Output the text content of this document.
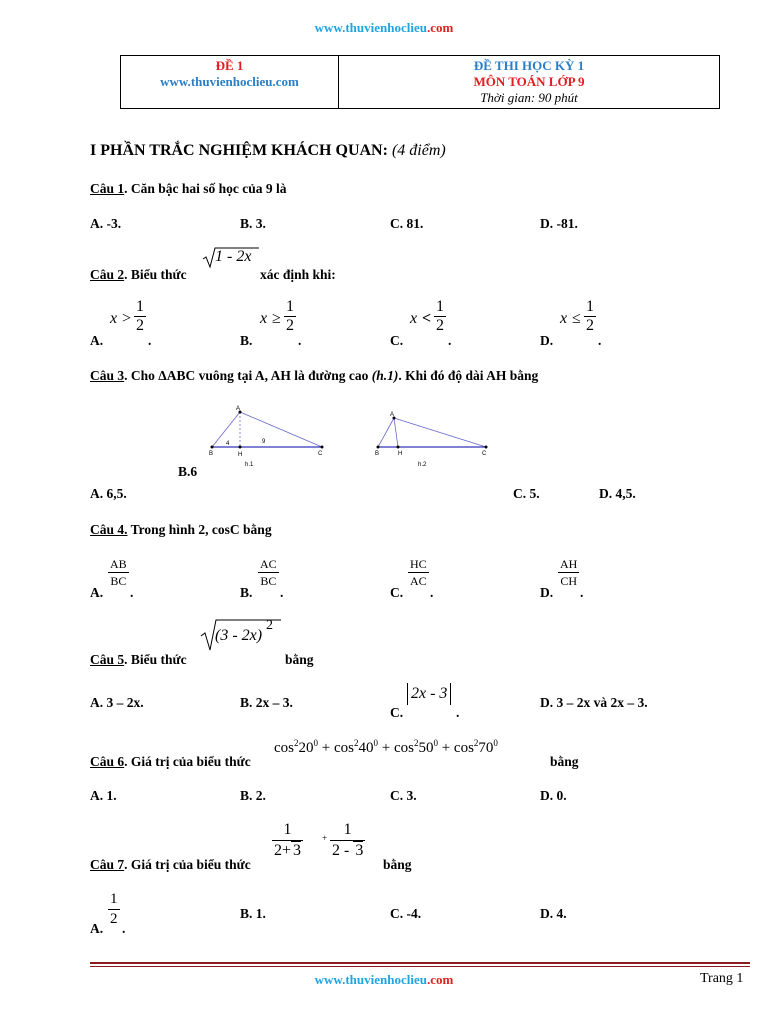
www.thuvienhoclieu.com
ĐỀ 1
www.thuvienhoclieu.com
ĐỀ THI HỌC KỲ 1
MÔN TOÁN LỚP 9
Thời gian: 90 phút
I PHẦN TRẮC NGHIỆM KHÁCH QUAN: (4 điểm)
Câu 1. Căn bậc hai số học của 9 là
A. -3.	B. 3.	C. 81.	D. -81.
Câu 2. Biểu thức
1 - 2x
xác định khi:
A.
$x > \frac{1}{2}$
.	B.
$x \ge \frac{1}{2}$
.	C.
$x < \frac{1}{2}$
.	D.
$x \le \frac{1}{2}$
.
Câu 3. Cho ΔABC vuông tại A, AH là đường cao (h.1). Khi đó độ dài AH bằng
A
B	H	C
4	9
h.1
A
B	H	C
h.2
B.6
A. 6,5.	C. 5.	D. 4,5.
Câu 4. Trong hình 2, cosC bằng
A.
$\frac{AB}{BC}$
.	B.
$\frac{AC}{BC}$
.	C.
$\frac{HC}{AC}$
.	D.
$\frac{AH}{CH}$
.
Câu 5. Biểu thức
(3 - 2x)
2
bằng
A. 3 – 2x.	B. 2x – 3.
C.
2x - 3
.
D. 3 – 2x và 2x – 3.
Câu 6. Giá trị của biểu thức
$\cos^220^0 + \cos^240^0 + \cos^250^0 + \cos^270^0$
bằng
A. 1.	B. 2.	C. 3.	D. 0.
Câu 7. Giá trị của biểu thức
$\frac{1}{2+ 3} + \frac{1}{2 - 3}$
bằng
A. $\frac{1}{2}$ .
B. 1.	C. -4.	D. 4.
www.thuvienhoclieu.com	Trang 1
